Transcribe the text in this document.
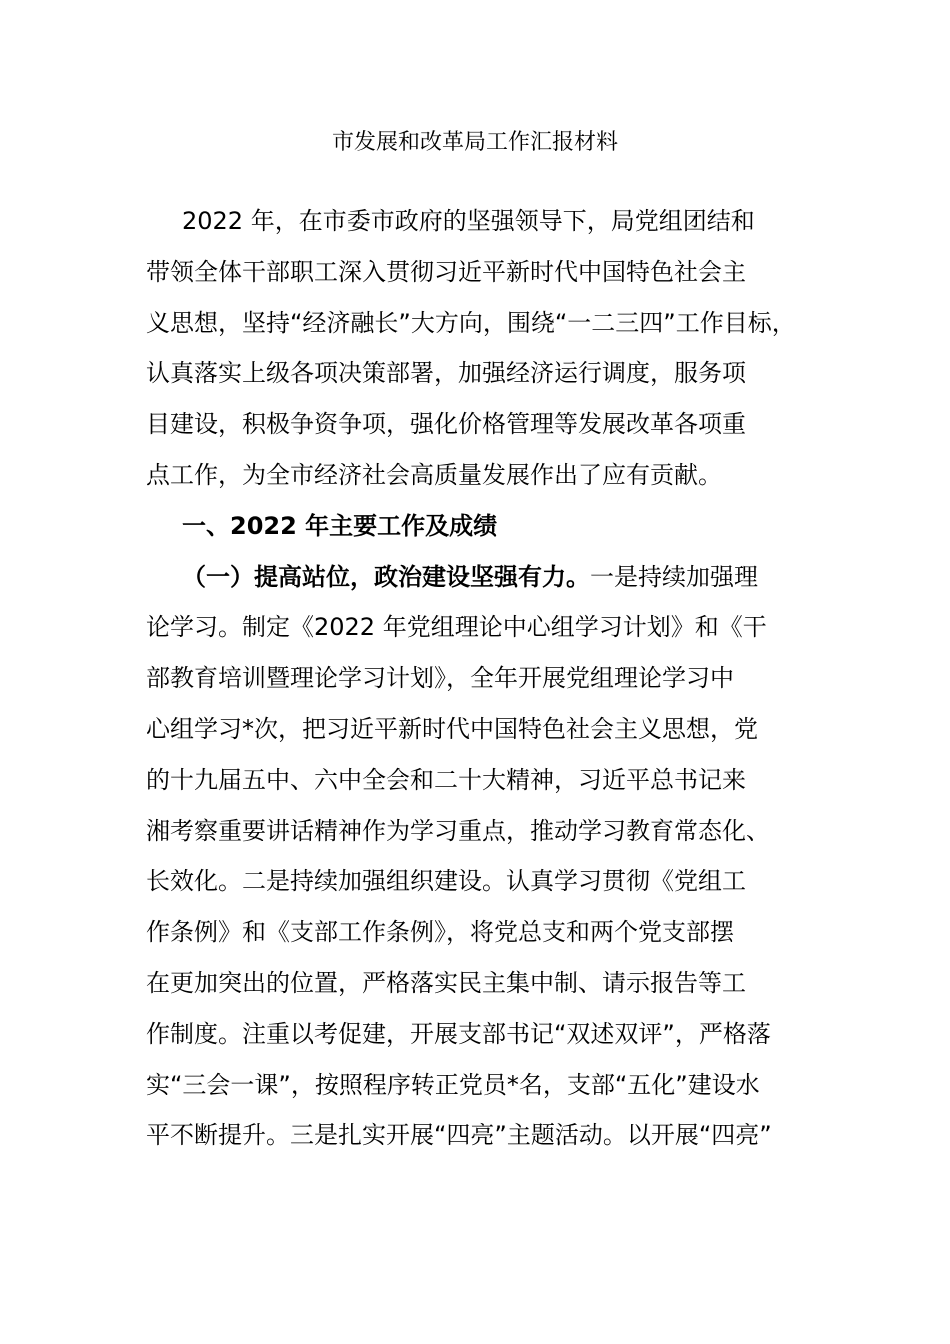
市发展和改革局工作汇报材料
2022 年，在市委市政府的坚强领导下，局党组团结和
带领全体干部职工深入贯彻习近平新时代中国特色社会主
义思想，坚持“经济融长”大方向，围绕“一二三四”工作目标，
认真落实上级各项决策部署，加强经济运行调度，服务项
目建设，积极争资争项，强化价格管理等发展改革各项重
点工作，为全市经济社会高质量发展作出了应有贡献。
一、2022 年主要工作及成绩
（一）提高站位，政治建设坚强有力。一是持续加强理
论学习。制定《2022 年党组理论中心组学习计划》和《干
部教育培训暨理论学习计划》，全年开展党组理论学习中
心组学习*次，把习近平新时代中国特色社会主义思想，党
的十九届五中、六中全会和二十大精神，习近平总书记来
湘考察重要讲话精神作为学习重点，推动学习教育常态化、
长效化。二是持续加强组织建设。认真学习贯彻《党组工
作条例》和《支部工作条例》，将党总支和两个党支部摆
在更加突出的位置，严格落实民主集中制、请示报告等工
作制度。注重以考促建，开展支部书记“双述双评”，严格落
实“三会一课”，按照程序转正党员*名，支部“五化”建设水
平不断提升。三是扎实开展“四亮”主题活动。以开展“四亮”
